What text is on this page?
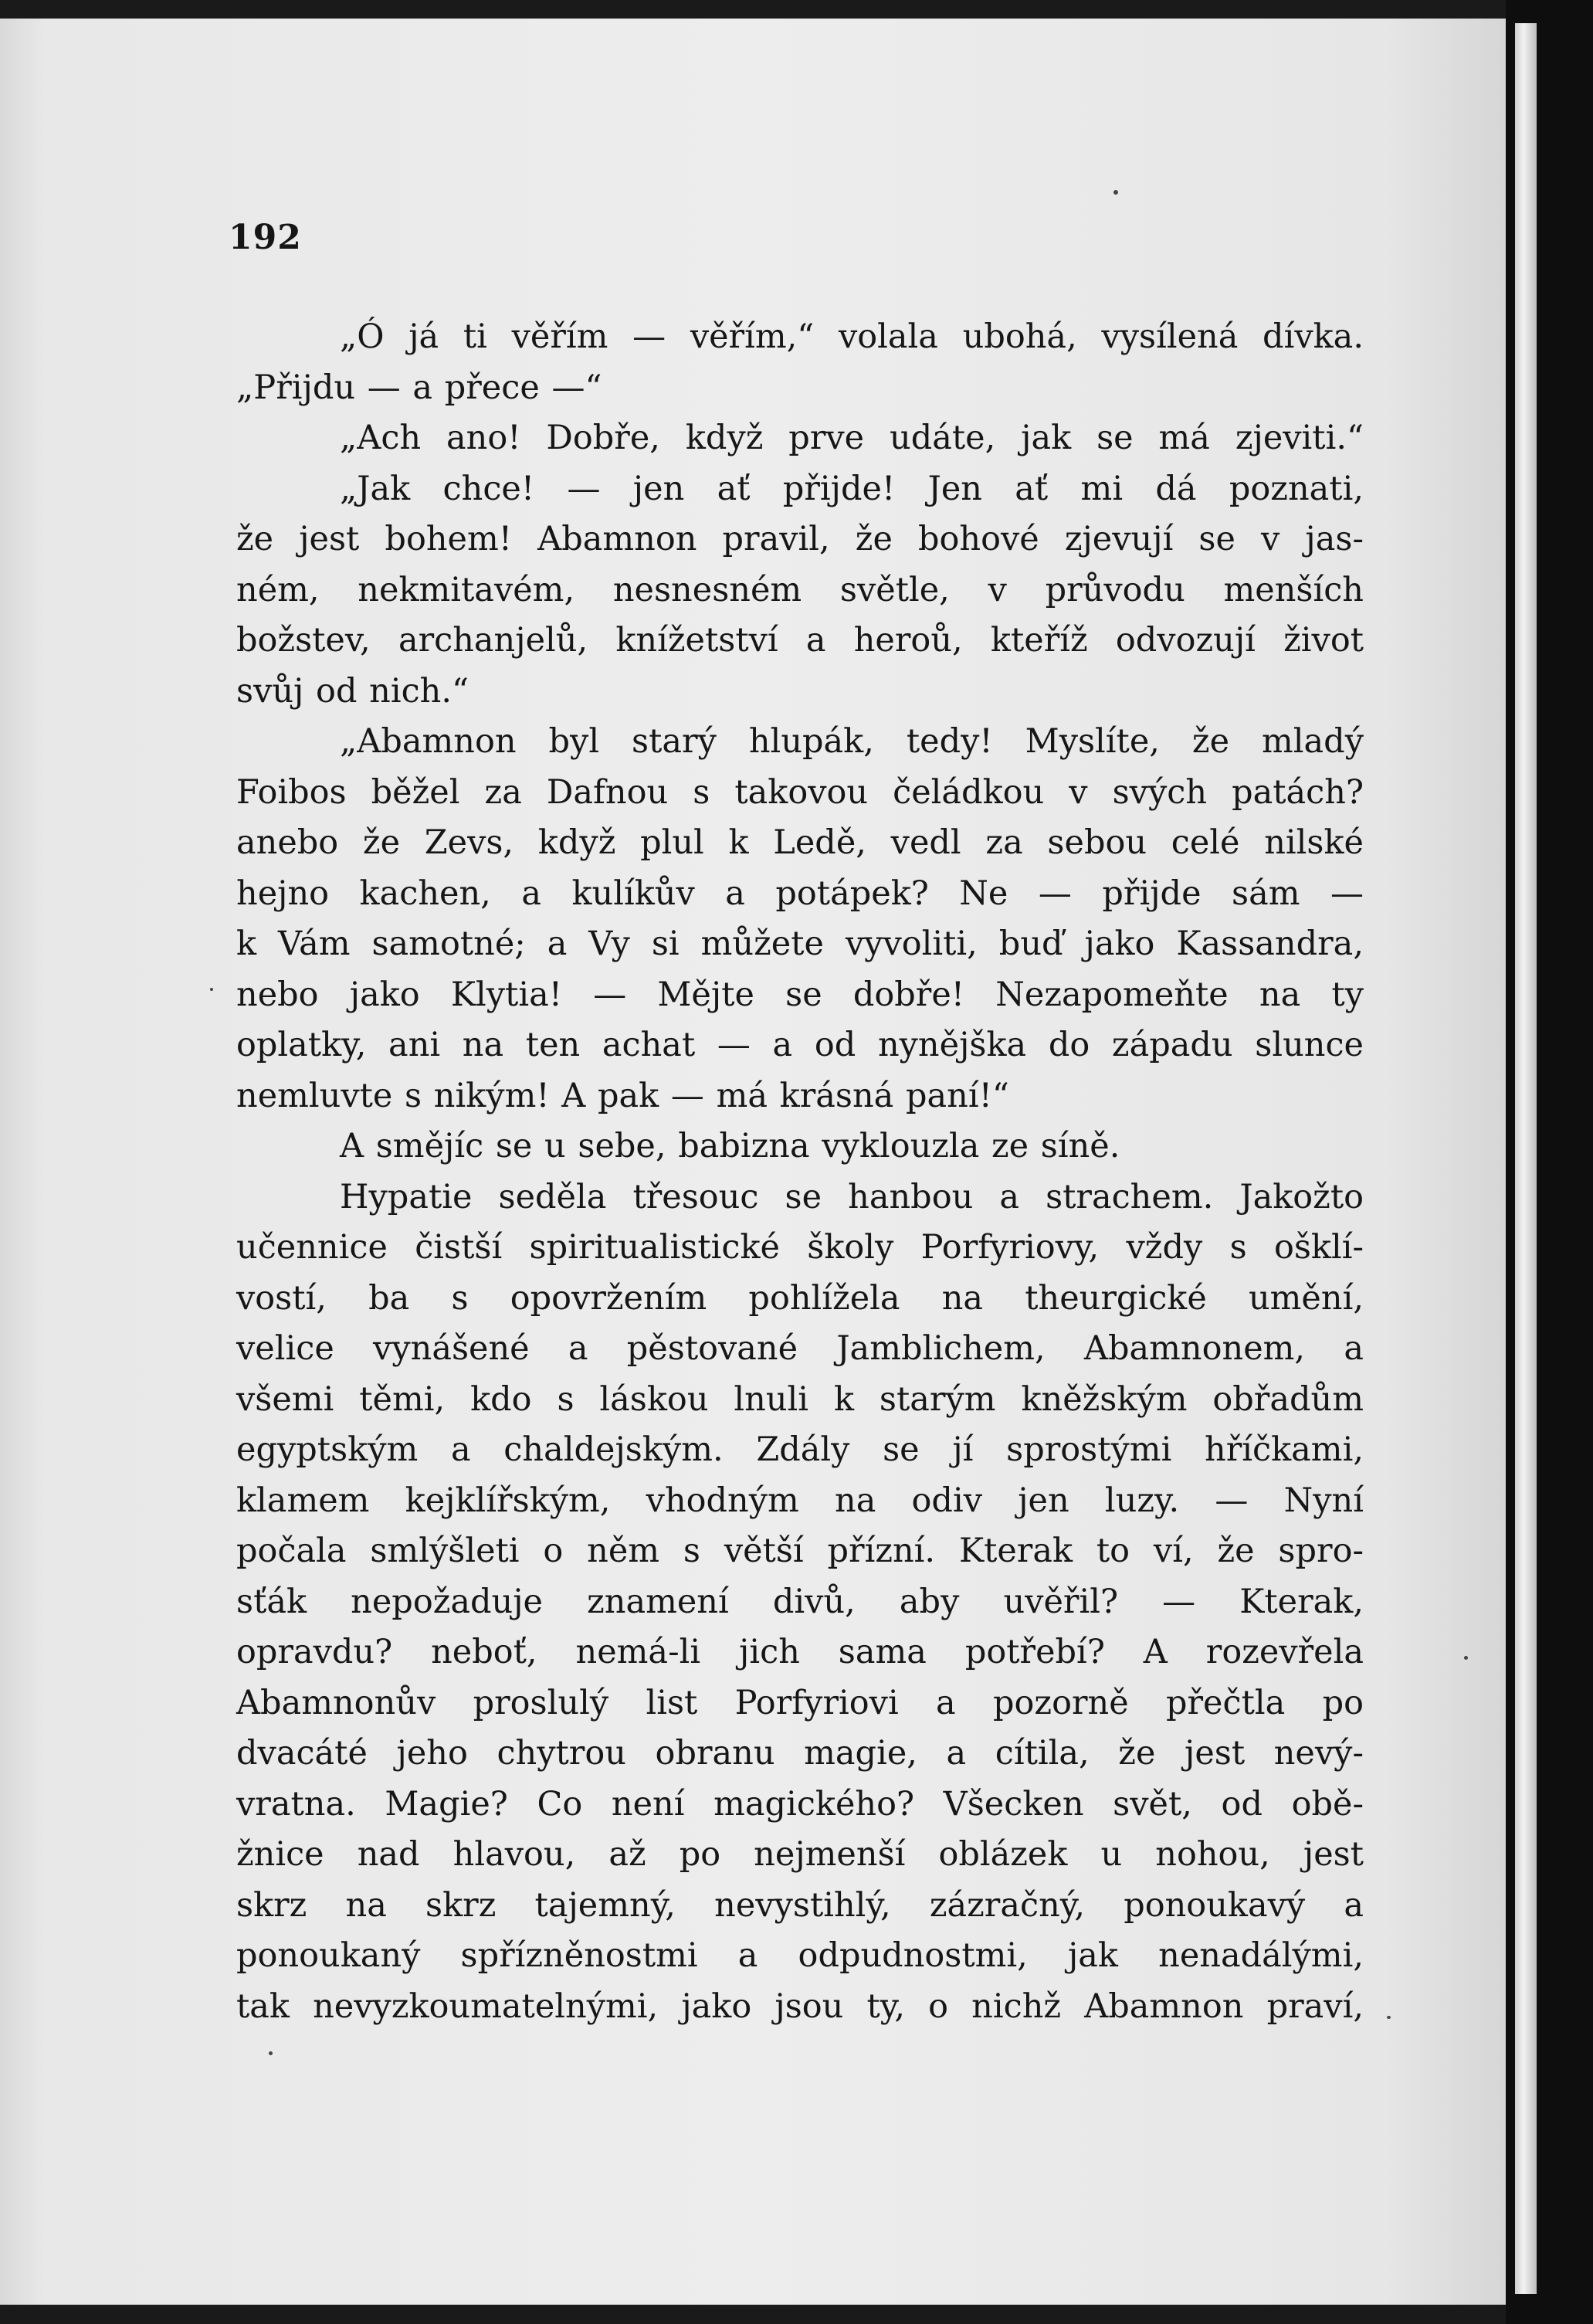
192
„Ó já ti věřím — věřím,“ volala ubohá, vysílená dívka.
„Přijdu — a přece —“
„Ach ano! Dobře, když prve udáte, jak se má zjeviti.“
„Jak chce! — jen ať přijde! Jen ať mi dá poznati,
že jest bohem! Abamnon pravil, že bohové zjevují se v jas-
ném, nekmitavém, nesnesném světle, v průvodu menších
božstev, archanjelů, knížetství a heroů, kteříž odvozují život
svůj od nich.“
„Abamnon byl starý hlupák, tedy! Myslíte, že mladý
Foibos běžel za Dafnou s takovou čeládkou v svých patách?
anebo že Zevs, když plul k Ledě, vedl za sebou celé nilské
hejno kachen, a kulíkův a potápek? Ne — přijde sám —
k Vám samotné; a Vy si můžete vyvoliti, buď jako Kassandra,
nebo jako Klytia! — Mějte se dobře! Nezapomeňte na ty
oplatky, ani na ten achat — a od nynějška do západu slunce
nemluvte s nikým! A pak — má krásná paní!“
A smějíc se u sebe, babizna vyklouzla ze síně.
Hypatie seděla třesouc se hanbou a strachem. Jakožto
učennice čistší spiritualistické školy Porfyriovy, vždy s ošklí-
vostí, ba s opovržením pohlížela na theurgické umění,
velice vynášené a pěstované Jamblichem, Abamnonem, a
všemi těmi, kdo s láskou lnuli k starým kněžským obřadům
egyptským a chaldejským. Zdály se jí sprostými hříčkami,
klamem kejklířským, vhodným na odiv jen luzy. — Nyní
počala smlýšleti o něm s větší přízní. Kterak to ví, že spro-
sťák nepožaduje znamení divů, aby uvěřil? — Kterak,
opravdu? neboť, nemá-li jich sama potřebí? A rozevřela
Abamnonův proslulý list Porfyriovi a pozorně přečtla po
dvacáté jeho chytrou obranu magie, a cítila, že jest nevý-
vratna. Magie? Co není magického? Všecken svět, od obě-
žnice nad hlavou, až po nejmenší oblázek u nohou, jest
skrz na skrz tajemný, nevystihlý, zázračný, ponoukavý a
ponoukaný spřízněnostmi a odpudnostmi, jak nenadálými,
tak nevyzkoumatelnými, jako jsou ty, o nichž Abamnon praví,
